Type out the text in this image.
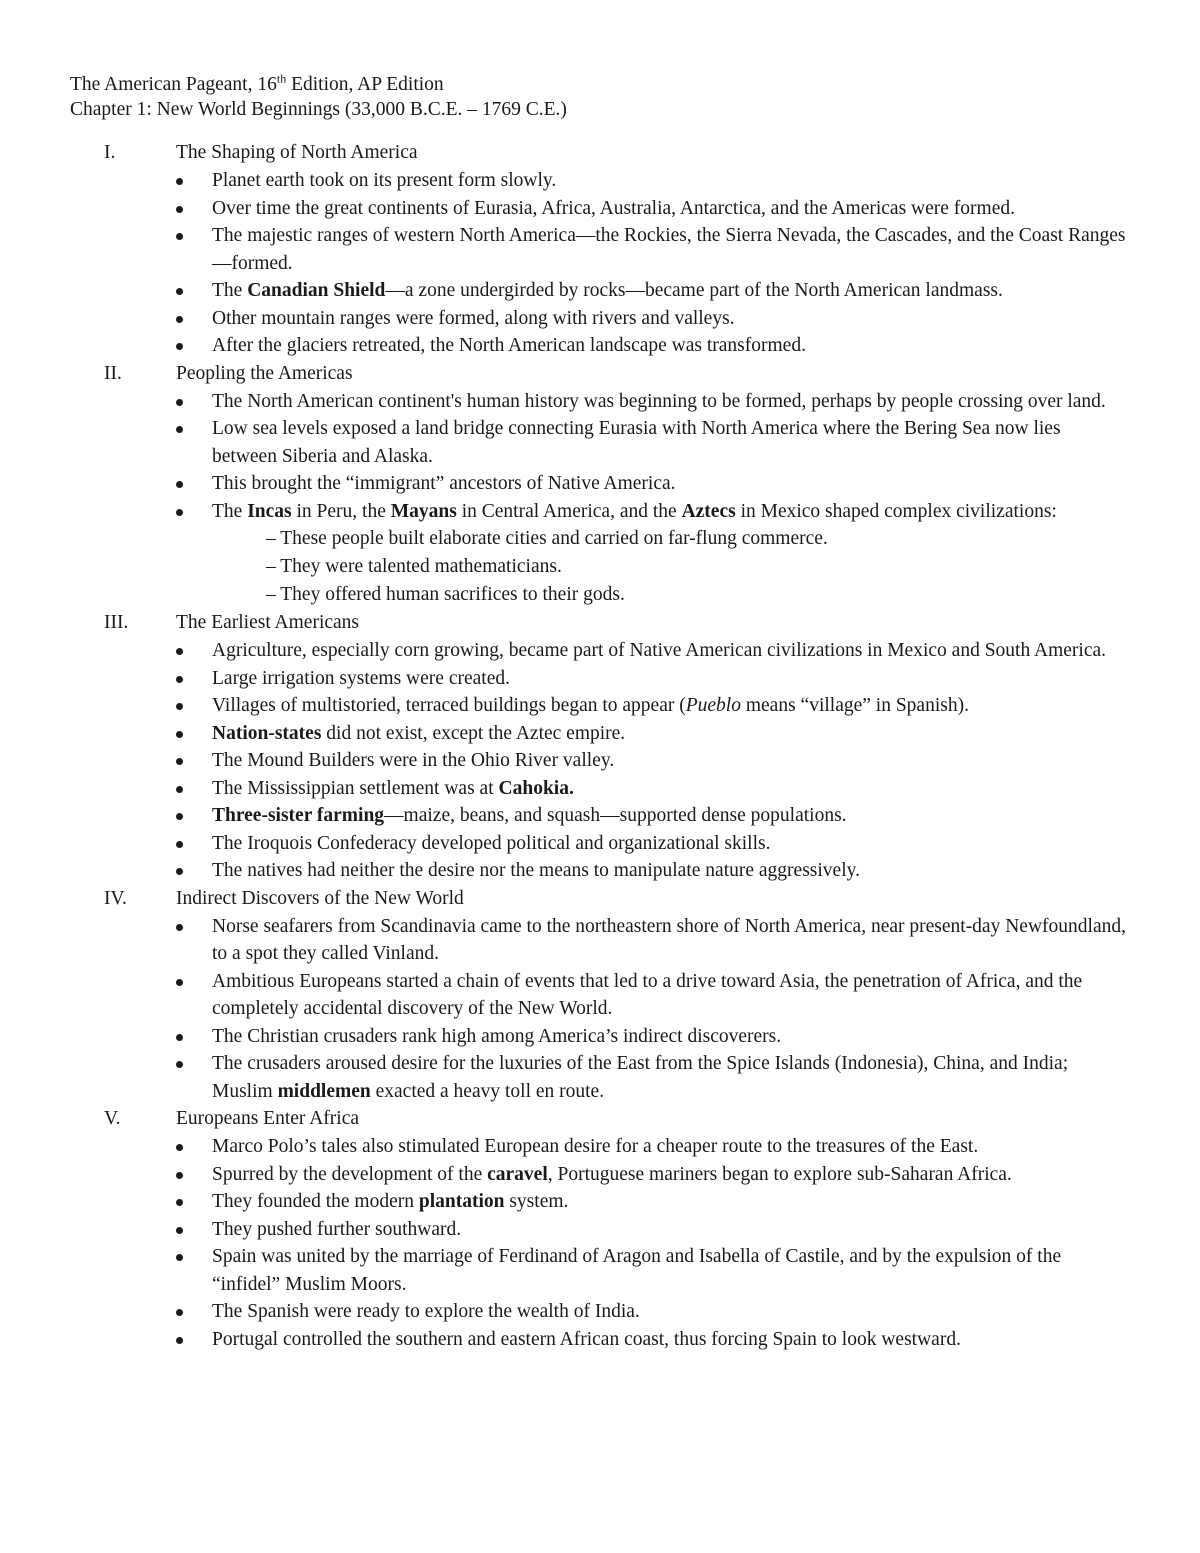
The American Pageant, 16th Edition, AP Edition
Chapter 1: New World Beginnings (33,000 B.C.E. – 1769 C.E.)
I.	The Shaping of North America
Planet earth took on its present form slowly.
Over time the great continents of Eurasia, Africa, Australia, Antarctica, and the Americas were formed.
The majestic ranges of western North America—the Rockies, the Sierra Nevada, the Cascades, and the Coast Ranges—formed.
The Canadian Shield—a zone undergirded by rocks—became part of the North American landmass.
Other mountain ranges were formed, along with rivers and valleys.
After the glaciers retreated, the North American landscape was transformed.
II.	Peopling the Americas
The North American continent's human history was beginning to be formed, perhaps by people crossing over land.
Low sea levels exposed a land bridge connecting Eurasia with North America where the Bering Sea now lies between Siberia and Alaska.
This brought the “immigrant” ancestors of Native America.
The Incas in Peru, the Mayans in Central America, and the Aztecs in Mexico shaped complex civilizations:
– These people built elaborate cities and carried on far-flung commerce.
– They were talented mathematicians.
– They offered human sacrifices to their gods.
III. The Earliest Americans
Agriculture, especially corn growing, became part of Native American civilizations in Mexico and South America.
Large irrigation systems were created.
Villages of multistoried, terraced buildings began to appear (Pueblo means “village” in Spanish).
Nation-states did not exist, except the Aztec empire.
The Mound Builders were in the Ohio River valley.
The Mississippian settlement was at Cahokia.
Three-sister farming—maize, beans, and squash—supported dense populations.
The Iroquois Confederacy developed political and organizational skills.
The natives had neither the desire nor the means to manipulate nature aggressively.
IV.	Indirect Discovers of the New World
Norse seafarers from Scandinavia came to the northeastern shore of North America, near present-day Newfoundland, to a spot they called Vinland.
Ambitious Europeans started a chain of events that led to a drive toward Asia, the penetration of Africa, and the completely accidental discovery of the New World.
The Christian crusaders rank high among America’s indirect discoverers.
The crusaders aroused desire for the luxuries of the East from the Spice Islands (Indonesia), China, and India; Muslim middlemen exacted a heavy toll en route.
V.	Europeans Enter Africa
Marco Polo’s tales also stimulated European desire for a cheaper route to the treasures of the East.
Spurred by the development of the caravel, Portuguese mariners began to explore sub-Saharan Africa.
They founded the modern plantation system.
They pushed further southward.
Spain was united by the marriage of Ferdinand of Aragon and Isabella of Castile, and by the expulsion of the “infidel” Muslim Moors.
The Spanish were ready to explore the wealth of India.
Portugal controlled the southern and eastern African coast, thus forcing Spain to look westward.
